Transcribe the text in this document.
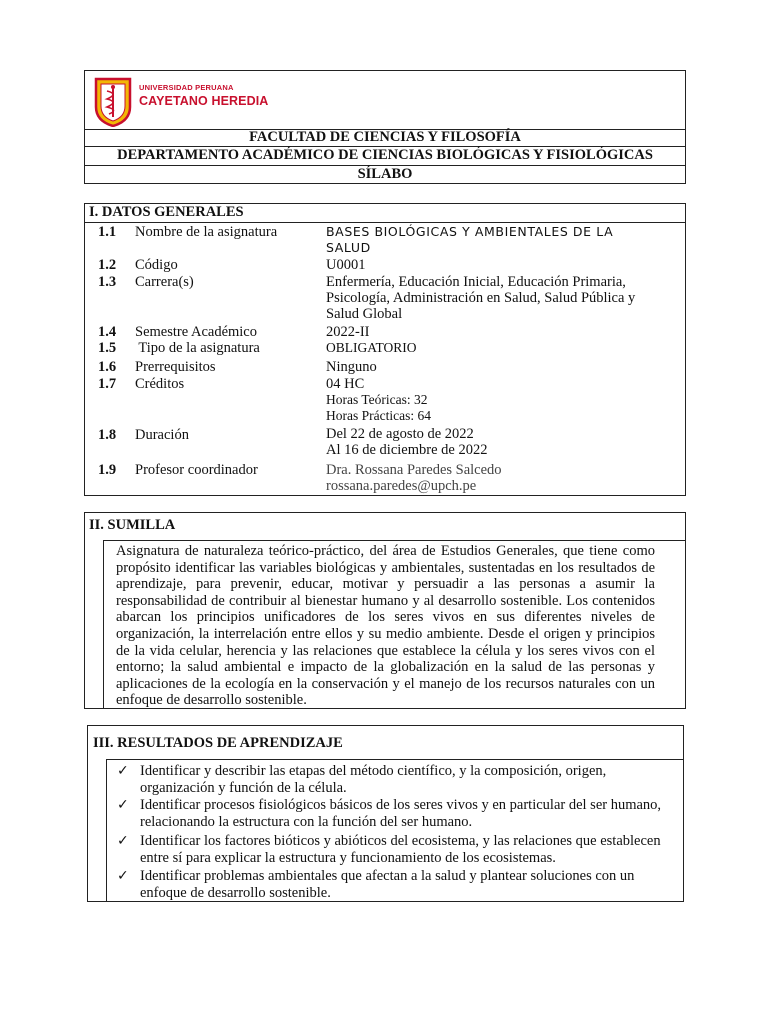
UNIVERSIDAD PERUANA
CAYETANO HEREDIA
FACULTAD DE CIENCIAS Y FILOSOFÍA
DEPARTAMENTO ACADÉMICO DE CIENCIAS BIOLÓGICAS Y FISIOLÓGICAS
SÍLABO
I. DATOS GENERALES
1.1 Nombre de la asignatura	BASES BIOLÓGICAS Y AMBIENTALES DE LA
SALUD
1.2 Código	U0001
1.3 Carrera(s)	Enfermería, Educación Inicial, Educación Primaria,
Psicología, Administración en Salud, Salud Pública y
Salud Global
1.4 Semestre Académico	2022-II
1.5 Tipo de la asignatura	OBLIGATORIO
1.6 Prerrequisitos	Ninguno
1.7 Créditos	04 HC
Horas Teóricas: 32
Horas Prácticas: 64
1.8 Duración	Del 22 de agosto de 2022
Al 16 de diciembre de 2022
1.9 Profesor coordinador	Dra. Rossana Paredes Salcedo
rossana.paredes@upch.pe
II. SUMILLA
Asignatura de naturaleza teórico-práctico, del área de Estudios Generales, que tiene como propósito identificar las variables biológicas y ambientales, sustentadas en los resultados de aprendizaje, para prevenir, educar, motivar y persuadir a las personas a asumir la responsabilidad de contribuir al bienestar humano y al desarrollo sostenible. Los contenidos abarcan los principios unificadores de los seres vivos en sus diferentes niveles de organización, la interrelación entre ellos y su medio ambiente. Desde el origen y principios de la vida celular, herencia y las relaciones que establece la célula y los seres vivos con el entorno; la salud ambiental e impacto de la globalización en la salud de las personas y aplicaciones de la ecología en la conservación y el manejo de los recursos naturales con un enfoque de desarrollo sostenible.
III. RESULTADOS DE APRENDIZAJE
✓ Identificar y describir las etapas del método científico, y la composición, origen, organización y función de la célula.
✓ Identificar procesos fisiológicos básicos de los seres vivos y en particular del ser humano, relacionando la estructura con la función del ser humano.
✓ Identificar los factores bióticos y abióticos del ecosistema, y las relaciones que establecen entre sí para explicar la estructura y funcionamiento de los ecosistemas.
✓ Identificar problemas ambientales que afectan a la salud y plantear soluciones con un enfoque de desarrollo sostenible.
